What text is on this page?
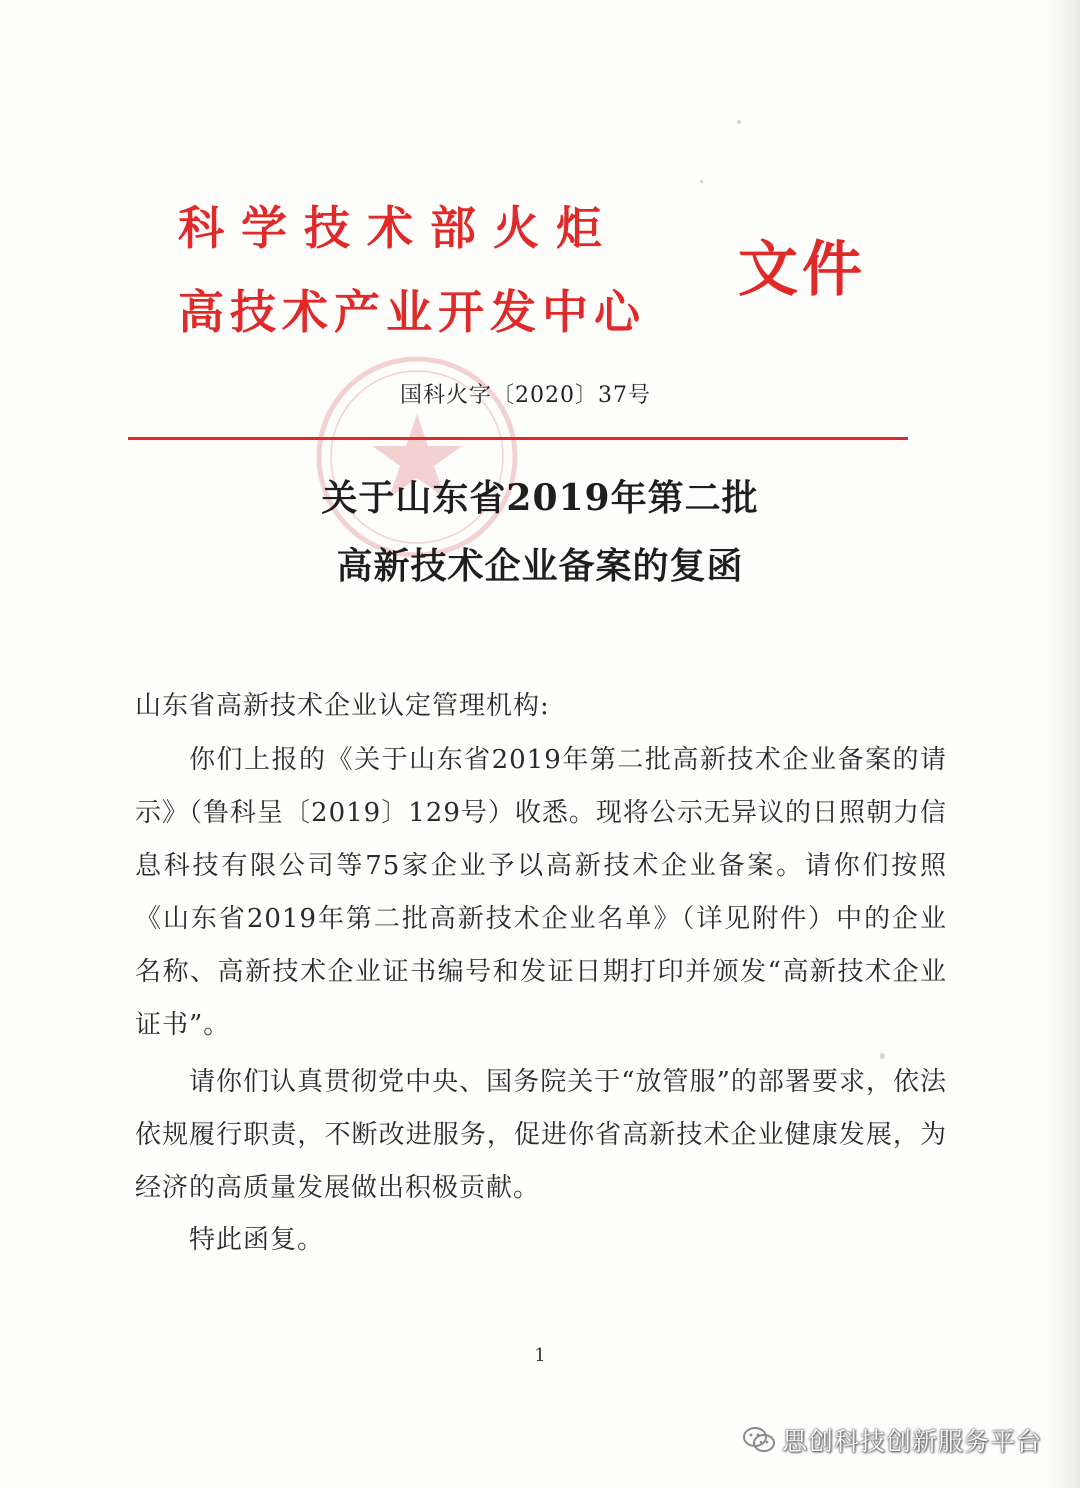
科学技术部火炬
高技术产业开发中心
文件
国科火字〔2020〕37号
关于山东省2019年第二批
高新技术企业备案的复函
山东省高新技术企业认定管理机构:

你们上报的《关于山东省2019年第二批高新技术企业备案的请示》（鲁科呈〔2019〕129号）收悉。现将公示无异议的日照朝力信息科技有限公司等75家企业予以高新技术企业备案。请你们按照《山东省2019年第二批高新技术企业名单》（详见附件）中的企业名称、高新技术企业证书编号和发证日期打印并颁发“高新技术企业证书”。

请你们认真贯彻党中央、国务院关于“放管服”的部署要求，依法依规履行职责，不断改进服务，促进你省高新技术企业健康发展，为经济的高质量发展做出积极贡献。

特此函复。

1
思创科技创新服务平台
